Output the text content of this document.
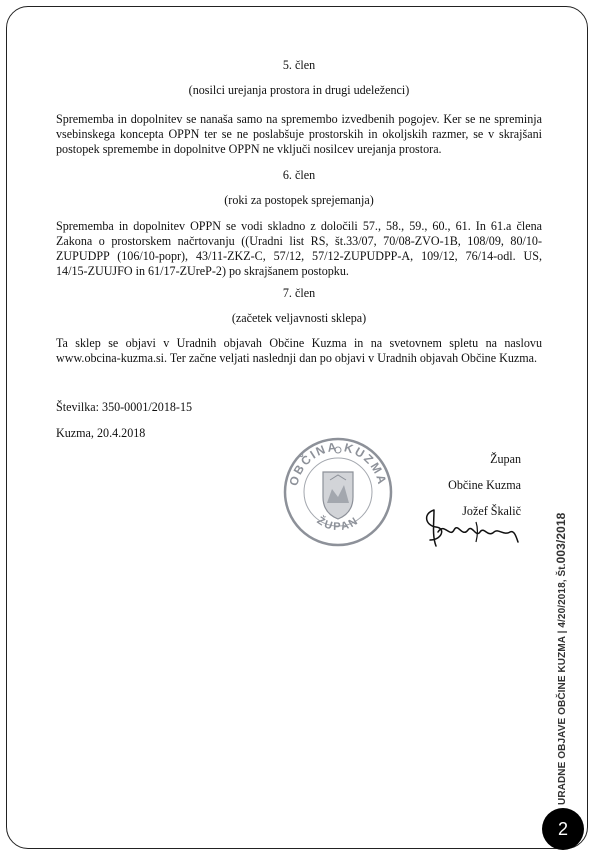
5. člen
(nosilci urejanja prostora in drugi udeleženci)
Sprememba in dopolnitev se nanaša samo na spremembo izvedbenih pogojev. Ker se ne spreminja vsebinskega koncepta OPPN ter se ne poslabšuje prostorskih in okoljskih razmer, se v skrajšani postopek spremembe in dopolnitve OPPN ne vključi nosilcev urejanja prostora.
6. člen
(roki za postopek sprejemanja)
Sprememba in dopolnitev OPPN se vodi skladno z določili 57., 58., 59., 60., 61. In 61.a člena Zakona o prostorskem načrtovanju ((Uradni list RS, št.33/07, 70/08-ZVO-1B, 108/09, 80/10-ZUPUDPP (106/10-popr), 43/11-ZKZ-C, 57/12, 57/12-ZUPUDPP-A, 109/12, 76/14-odl. US, 14/15-ZUUJFO in 61/17-ZUreP-2) po skrajšanem postopku.
7. člen
(začetek veljavnosti sklepa)
Ta sklep se objavi v Uradnih objavah Občine Kuzma in na svetovnem spletu na naslovu www.obcina-kuzma.si. Ter začne veljati naslednji dan po objavi v Uradnih objavah Občine Kuzma.
Številka: 350-0001/2018-15
Kuzma, 20.4.2018
Župan
Občine Kuzma
Jožef Škalič
OBČINA KUZMA
ŽUPAN
URADNE OBJAVE OBČINE KUZMA | 4/20/2018, Št.003/2018
2
